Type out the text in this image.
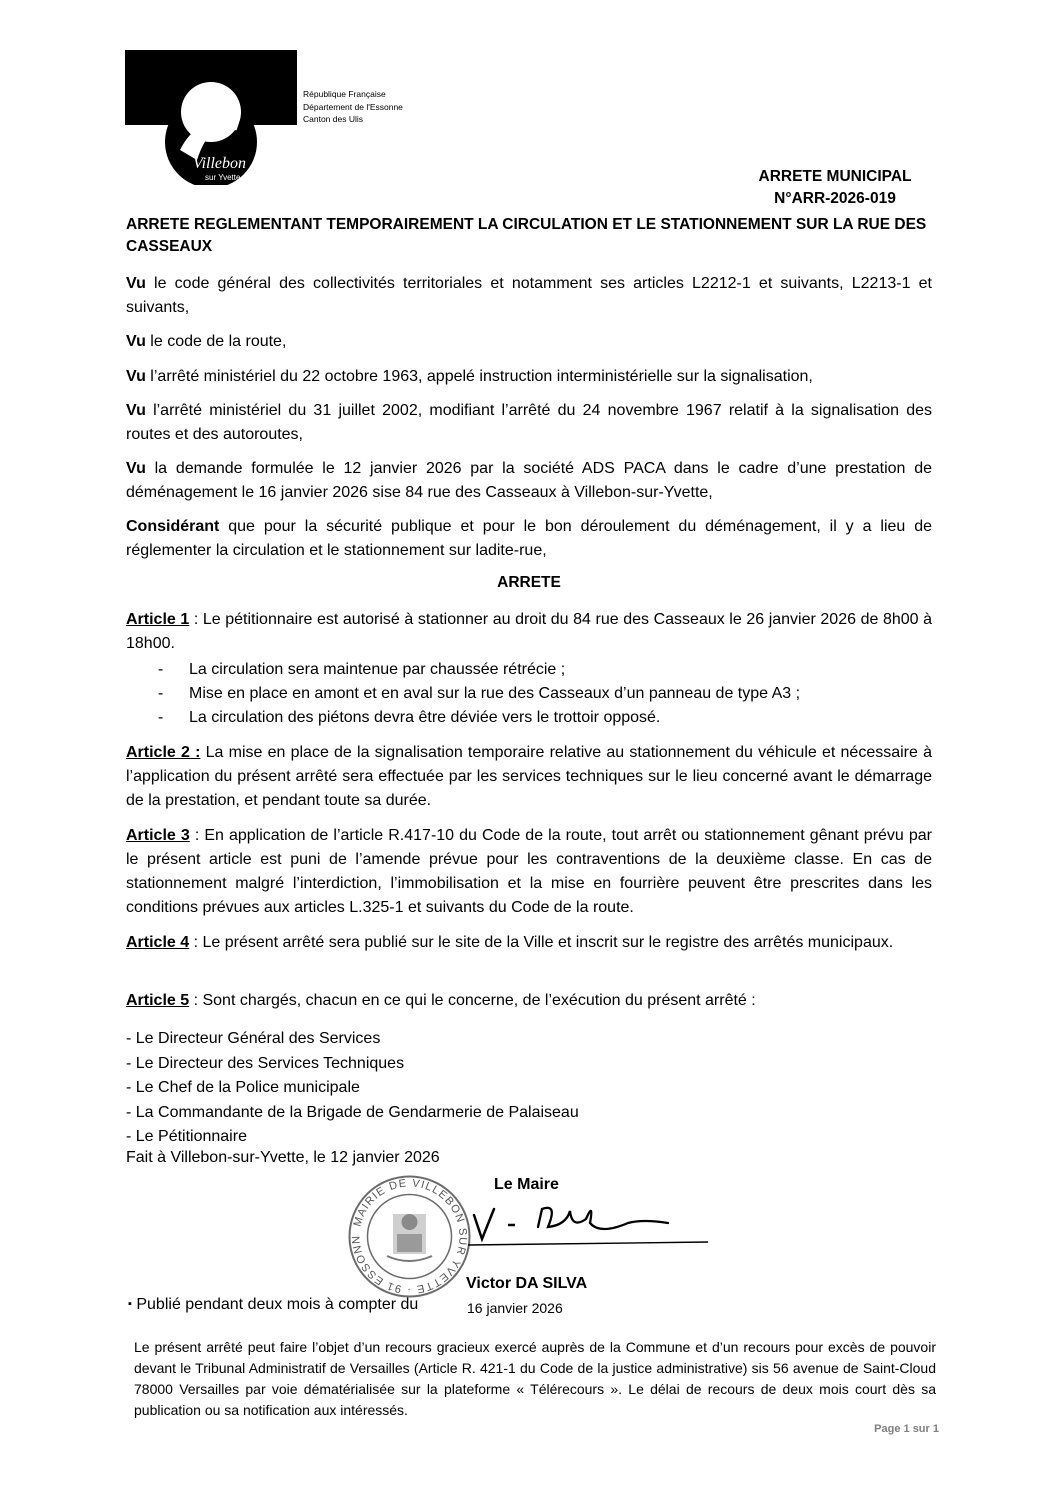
Villebon
sur Yvette
République Française
Département de l'Essonne
Canton des Ulis
ARRETE MUNICIPAL
N°ARR-2026-019
ARRETE REGLEMENTANT TEMPORAIREMENT LA CIRCULATION ET LE STATIONNEMENT SUR LA RUE DES CASSEAUX
Vu le code général des collectivités territoriales et notamment ses articles L2212-1 et suivants, L2213-1 et suivants,
Vu le code de la route,
Vu l’arrêté ministériel du 22 octobre 1963, appelé instruction interministérielle sur la signalisation,
Vu l’arrêté ministériel du 31 juillet 2002, modifiant l’arrêté du 24 novembre 1967 relatif à la signalisation des routes et des autoroutes,
Vu la demande formulée le 12 janvier 2026 par la société ADS PACA dans le cadre d’une prestation de déménagement le 16 janvier 2026 sise 84 rue des Casseaux à Villebon-sur-Yvette,
Considérant que pour la sécurité publique et pour le bon déroulement du déménagement, il y a lieu de réglementer la circulation et le stationnement sur ladite-rue,
ARRETE
Article 1 : Le pétitionnaire est autorisé à stationner au droit du 84 rue des Casseaux le 26 janvier 2026 de 8h00 à 18h00.
- La circulation sera maintenue par chaussée rétrécie ;
- Mise en place en amont et en aval sur la rue des Casseaux d’un panneau de type A3 ;
- La circulation des piétons devra être déviée vers le trottoir opposé.
Article 2 : La mise en place de la signalisation temporaire relative au stationnement du véhicule et nécessaire à l’application du présent arrêté sera effectuée par les services techniques sur le lieu concerné avant le démarrage de la prestation, et pendant toute sa durée.
Article 3 : En application de l’article R.417-10 du Code de la route, tout arrêt ou stationnement gênant prévu par le présent article est puni de l’amende prévue pour les contraventions de la deuxième classe. En cas de stationnement malgré l’interdiction, l’immobilisation et la mise en fourrière peuvent être prescrites dans les conditions prévues aux articles L.325-1 et suivants du Code de la route.
Article 4 : Le présent arrêté sera publié sur le site de la Ville et inscrit sur le registre des arrêtés municipaux.
Article 5 : Sont chargés, chacun en ce qui le concerne, de l’exécution du présent arrêté :
- Le Directeur Général des Services
- Le Directeur des Services Techniques
- Le Chef de la Police municipale
- La Commandante de la Brigade de Gendarmerie de Palaiseau
- Le Pétitionnaire
Fait à Villebon-sur-Yvette, le 12 janvier 2026
MAIRIE DE VILLEBON SUR YVETTE · 91 ESSONN
Le Maire
Victor DA SILVA
▪ Publié pendant deux mois à compter du	16 janvier 2026
Le présent arrêté peut faire l’objet d’un recours gracieux exercé auprès de la Commune et d’un recours pour excès de pouvoir devant le Tribunal Administratif de Versailles (Article R. 421-1 du Code de la justice administrative) sis 56 avenue de Saint-Cloud 78000 Versailles par voie dématérialisée sur la plateforme « Télérecours ». Le délai de recours de deux mois court dès sa publication ou sa notification aux intéressés.
Page 1 sur 1
